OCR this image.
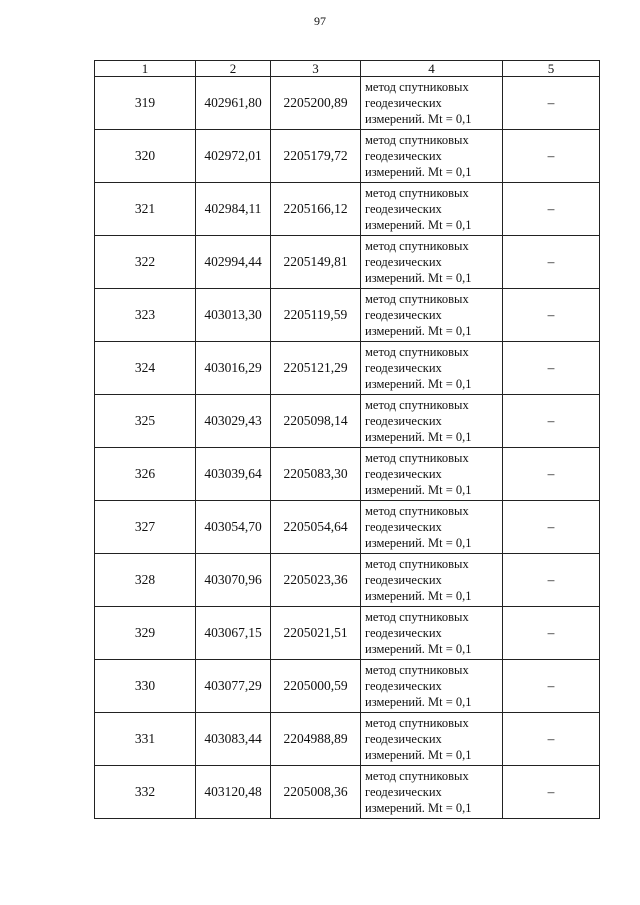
97
1	2	3	4	5
319	402961,80	2205200,89	метод спутниковых
геодезических
измерений. Mt = 0,1	–
320	402972,01	2205179,72	метод спутниковых
геодезических
измерений. Mt = 0,1	–
321	402984,11	2205166,12	метод спутниковых
геодезических
измерений. Mt = 0,1	–
322	402994,44	2205149,81	метод спутниковых
геодезических
измерений. Mt = 0,1	–
323	403013,30	2205119,59	метод спутниковых
геодезических
измерений. Mt = 0,1	–
324	403016,29	2205121,29	метод спутниковых
геодезических
измерений. Mt = 0,1	–
325	403029,43	2205098,14	метод спутниковых
геодезических
измерений. Mt = 0,1	–
326	403039,64	2205083,30	метод спутниковых
геодезических
измерений. Mt = 0,1	–
327	403054,70	2205054,64	метод спутниковых
геодезических
измерений. Mt = 0,1	–
328	403070,96	2205023,36	метод спутниковых
геодезических
измерений. Mt = 0,1	–
329	403067,15	2205021,51	метод спутниковых
геодезических
измерений. Mt = 0,1	–
330	403077,29	2205000,59	метод спутниковых
геодезических
измерений. Mt = 0,1	–
331	403083,44	2204988,89	метод спутниковых
геодезических
измерений. Mt = 0,1	–
332	403120,48	2205008,36	метод спутниковых
геодезических
измерений. Mt = 0,1	–
